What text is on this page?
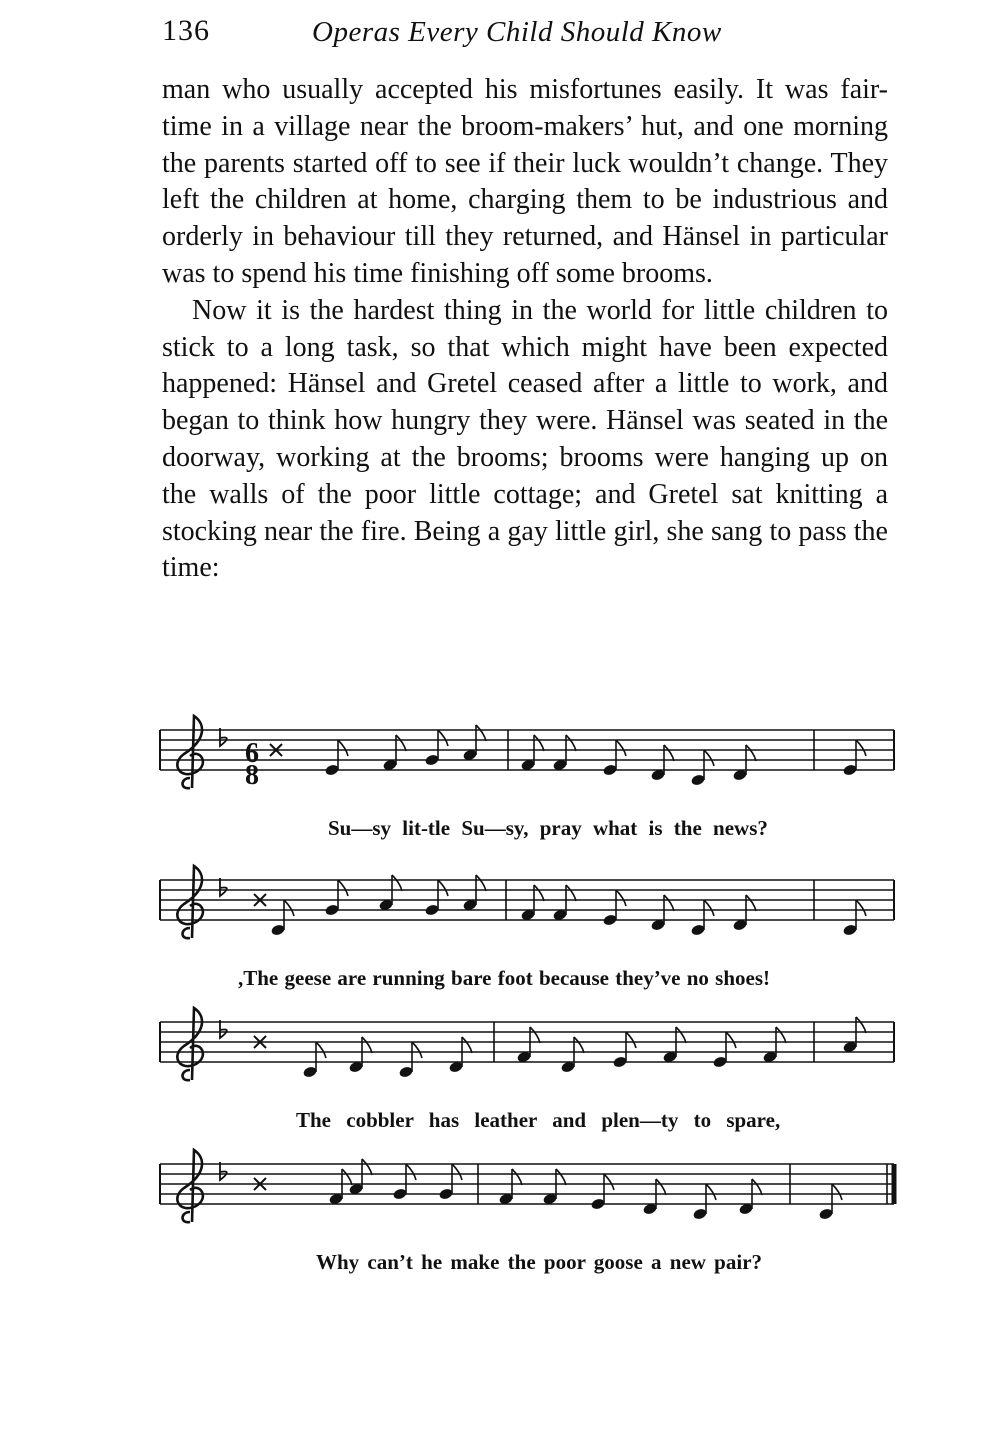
136	Operas Every Child Should Know

man who usually accepted his misfortunes easily. It was fair-time in a village near the broom-makers’ hut, and one morning the parents started off to see if their luck wouldn’t change. They left the children at home, charging them to be industrious and orderly in behaviour till they returned, and Hänsel in particular was to spend his time finishing off some brooms.

Now it is the hardest thing in the world for little children to stick to a long task, so that which might have been expected happened: Hänsel and Gretel ceased after a little to work, and began to think how hungry they were. Hänsel was seated in the doorway, working at the brooms; brooms were hanging up on the walls of the poor little cottage; and Gretel sat knitting a stocking near the fire. Being a gay little girl, she sang to pass the time:

6
8
Su—sy lit-tle Su—sy, pray what is the news?
,The geese are running bare foot because they’ve no shoes!
The cobbler has leather and plen—ty to spare,
Why can’t he make the poor goose a new pair?
